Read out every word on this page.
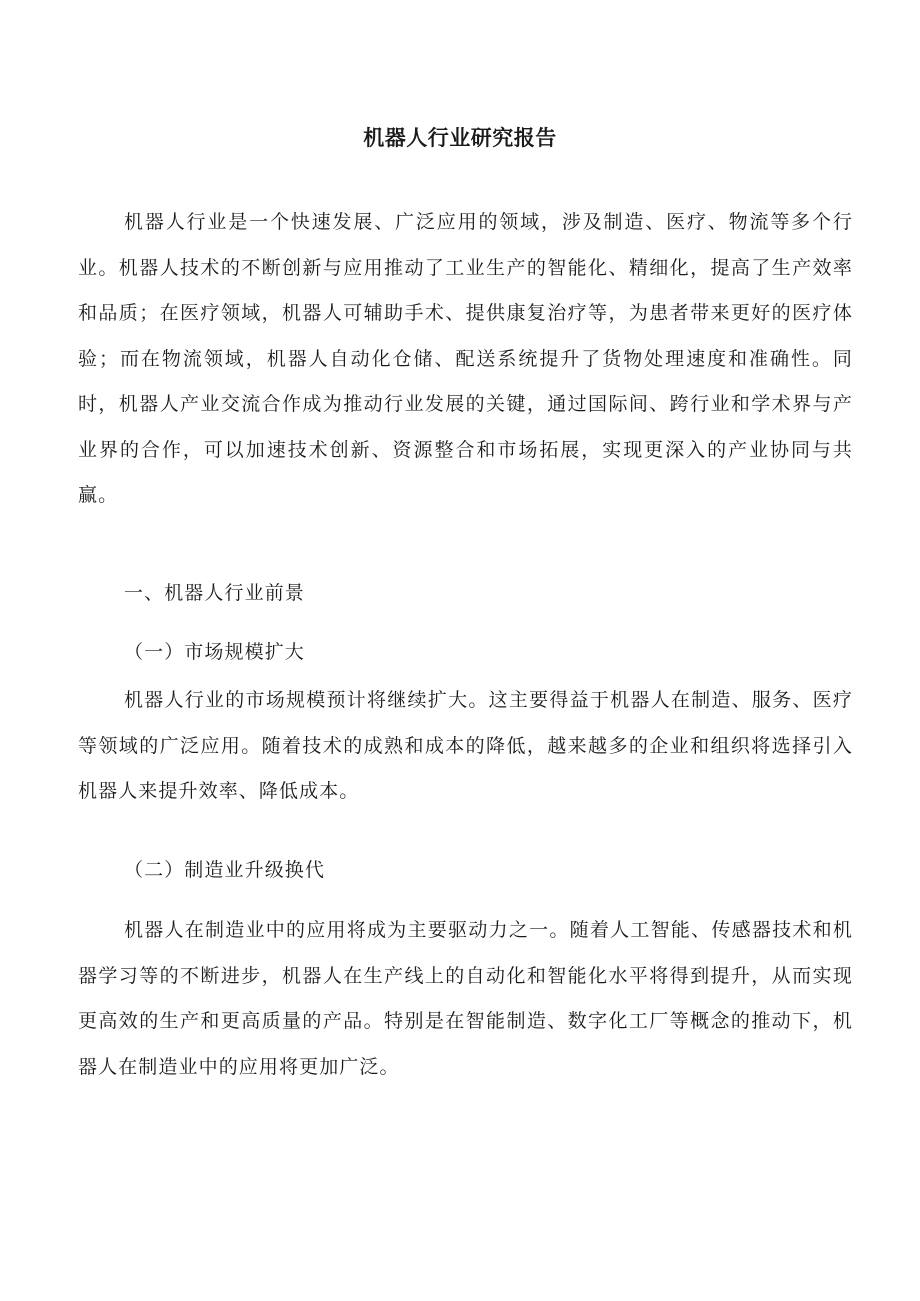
机器人行业研究报告

机器人行业是一个快速发展、广泛应用的领域，涉及制造、医疗、物流等多个行业。机器人技术的不断创新与应用推动了工业生产的智能化、精细化，提高了生产效率和品质；在医疗领域，机器人可辅助手术、提供康复治疗等，为患者带来更好的医疗体验；而在物流领域，机器人自动化仓储、配送系统提升了货物处理速度和准确性。同时，机器人产业交流合作成为推动行业发展的关键，通过国际间、跨行业和学术界与产业界的合作，可以加速技术创新、资源整合和市场拓展，实现更深入的产业协同与共赢。

一、机器人行业前景
（一）市场规模扩大

机器人行业的市场规模预计将继续扩大。这主要得益于机器人在制造、服务、医疗等领域的广泛应用。随着技术的成熟和成本的降低，越来越多的企业和组织将选择引入机器人来提升效率、降低成本。

（二）制造业升级换代

机器人在制造业中的应用将成为主要驱动力之一。随着人工智能、传感器技术和机器学习等的不断进步，机器人在生产线上的自动化和智能化水平将得到提升，从而实现更高效的生产和更高质量的产品。特别是在智能制造、数字化工厂等概念的推动下，机器人在制造业中的应用将更加广泛。
